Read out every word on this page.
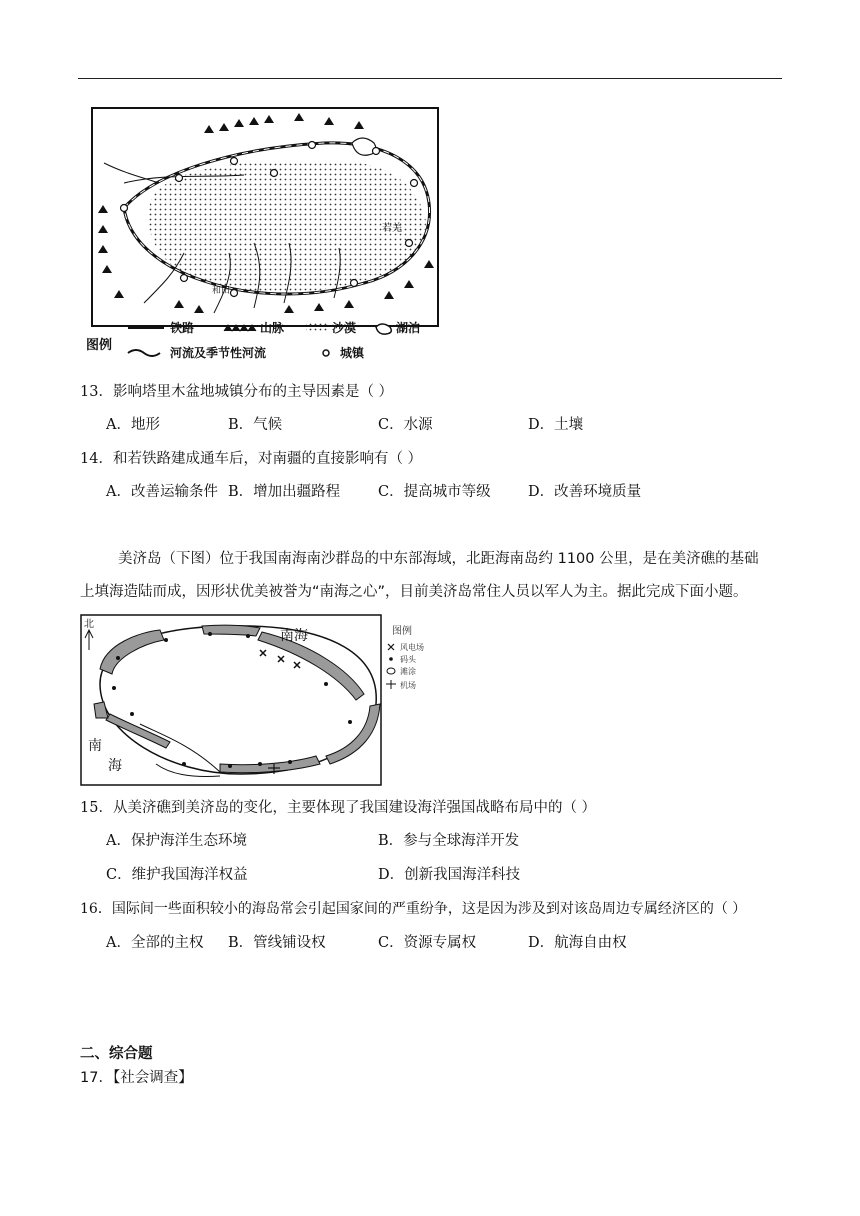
若羌
和田
图例
铁路	山脉	沙漠	湖泊
河流及季节性河流	城镇
13．影响塔里木盆地城镇分布的主导因素是（ ）
A．地形	B．气候	C．水源	D．土壤
14．和若铁路建成通车后，对南疆的直接影响有（ ）
A．改善运输条件 B．增加出疆路程	C．提高城市等级	D．改善环境质量
美济岛（下图）位于我国南海南沙群岛的中东部海域，北距海南岛约 1100 公里，是在美济礁的基础
上填海造陆而成，因形状优美被誉为“南海之心”，目前美济岛常住人员以军人为主。据此完成下面小题。
北
南海
南
海
图例
风电场
码头
滩涂
机场
15．从美济礁到美济岛的变化，主要体现了我国建设海洋强国战略布局中的（ ）
A．保护海洋生态环境	B．参与全球海洋开发
C．维护我国海洋权益	D．创新我国海洋科技
16．国际间一些面积较小的海岛常会引起国家间的严重纷争，这是因为涉及到对该岛周边专属经济区的（ ）
A．全部的主权 B．管线铺设权	C．资源专属权	D．航海自由权
二、综合题
17．【社会调查】
